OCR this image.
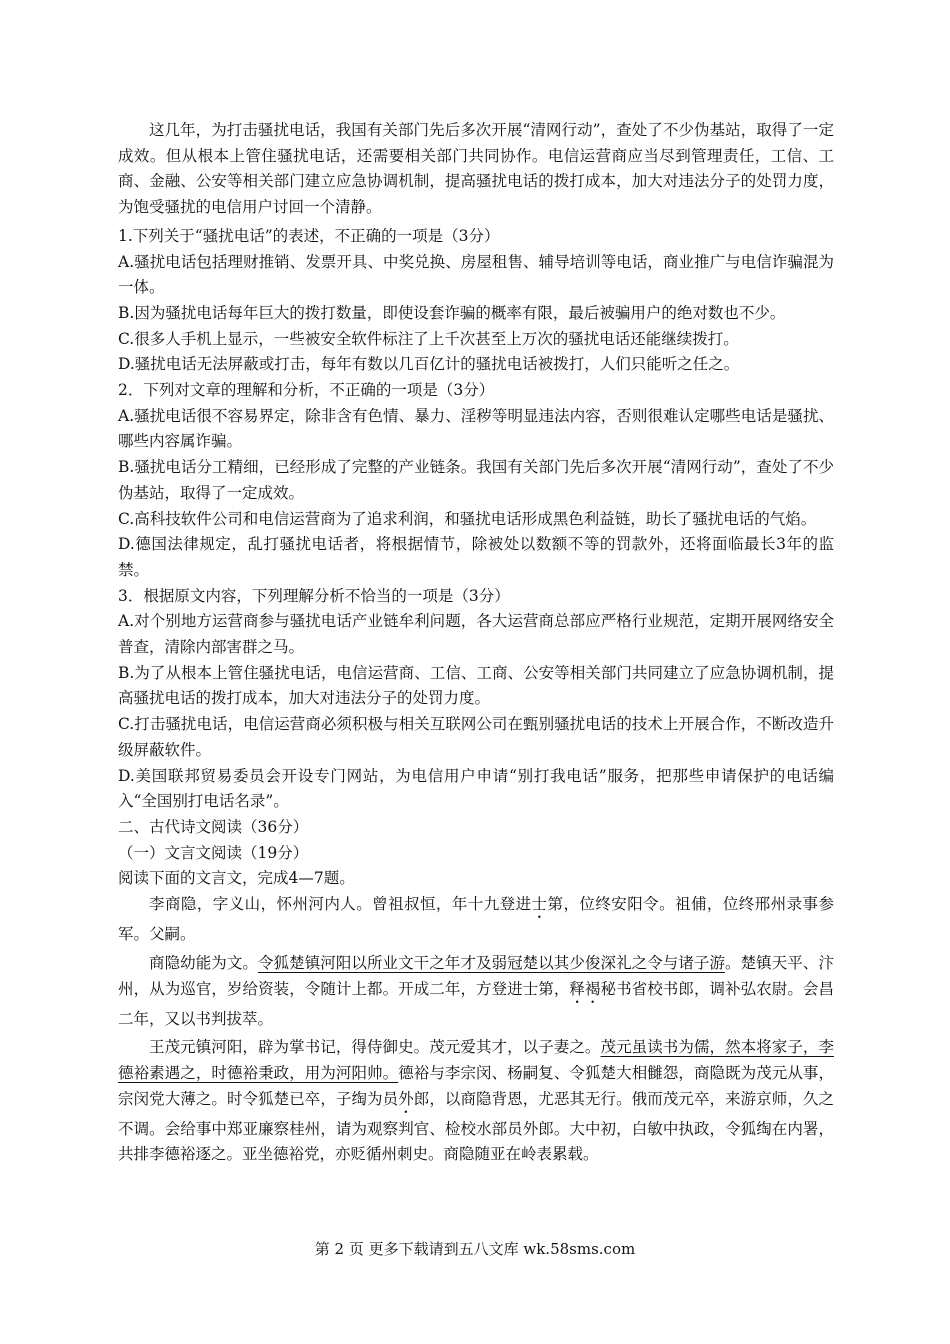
这几年，为打击骚扰电话，我国有关部门先后多次开展“清网行动”，查处了不少伪基站，取得了一定成效。但从根本上管住骚扰电话，还需要相关部门共同协作。电信运营商应当尽到管理责任，工信、工商、金融、公安等相关部门建立应急协调机制，提高骚扰电话的拨打成本，加大对违法分子的处罚力度，为饱受骚扰的电信用户讨回一个清静。

1.下列关于“骚扰电话”的表述，不正确的一项是（3分）

A.骚扰电话包括理财推销、发票开具、中奖兑换、房屋租售、辅导培训等电话，商业推广与电信诈骗混为一体。

B.因为骚扰电话每年巨大的拨打数量，即使设套诈骗的概率有限，最后被骗用户的绝对数也不少。

C.很多人手机上显示，一些被安全软件标注了上千次甚至上万次的骚扰电话还能继续拨打。

D.骚扰电话无法屏蔽或打击，每年有数以几百亿计的骚扰电话被拨打，人们只能听之任之。

2．下列对文章的理解和分析，不正确的一项是（3分）

A.骚扰电话很不容易界定，除非含有色情、暴力、淫秽等明显违法内容，否则很难认定哪些电话是骚扰、哪些内容属诈骗。

B.骚扰电话分工精细，已经形成了完整的产业链条。我国有关部门先后多次开展“清网行动”，查处了不少伪基站，取得了一定成效。

C.高科技软件公司和电信运营商为了追求利润，和骚扰电话形成黑色利益链，助长了骚扰电话的气焰。

D.德国法律规定，乱打骚扰电话者，将根据情节，除被处以数额不等的罚款外，还将面临最长3年的监禁。

3．根据原文内容，下列理解分析不恰当的一项是（3分）

A.对个别地方运营商参与骚扰电话产业链牟利问题，各大运营商总部应严格行业规范，定期开展网络安全普查，清除内部害群之马。

B.为了从根本上管住骚扰电话，电信运营商、工信、工商、公安等相关部门共同建立了应急协调机制，提高骚扰电话的拨打成本，加大对违法分子的处罚力度。

C.打击骚扰电话，电信运营商必须积极与相关互联网公司在甄别骚扰电话的技术上开展合作，不断改造升级屏蔽软件。

D.美国联邦贸易委员会开设专门网站，为电信用户申请“别打我电话”服务，把那些申请保护的电话编入“全国别打电话名录”。

二、古代诗文阅读（36分）

（一）文言文阅读（19分）

阅读下面的文言文，完成4—7题。

李商隐，字义山，怀州河内人。曾祖叔恒，年十九登进士第，位终安阳令。祖俌，位终邢州录事参军。父嗣。

商隐幼能为文。令狐楚镇河阳以所业文干之年才及弱冠楚以其少俊深礼之令与诸子游。楚镇天平、汴州，从为巡官，岁给资装，令随计上都。开成二年，方登进士第，释褐秘书省校书郎，调补弘农尉。会昌二年，又以书判拔萃。

王茂元镇河阳，辟为掌书记，得侍御史。茂元爱其才，以子妻之。茂元虽读书为儒，然本将家子，李德裕素遇之，时德裕秉政，用为河阳帅。德裕与李宗闵、杨嗣复、令狐楚大相雠怨，商隐既为茂元从事，宗闵党大薄之。时令狐楚已卒，子绹为员外郎，以商隐背恩，尤恶其无行。俄而茂元卒，来游京师，久之不调。会给事中郑亚廉察桂州，请为观察判官、检校水部员外郎。大中初，白敏中执政，令狐绹在内署，共排李德裕逐之。亚坐德裕党，亦贬循州刺史。商隐随亚在岭表累载。

第 2 页 更多下载请到五八文库 wk.58sms.com
